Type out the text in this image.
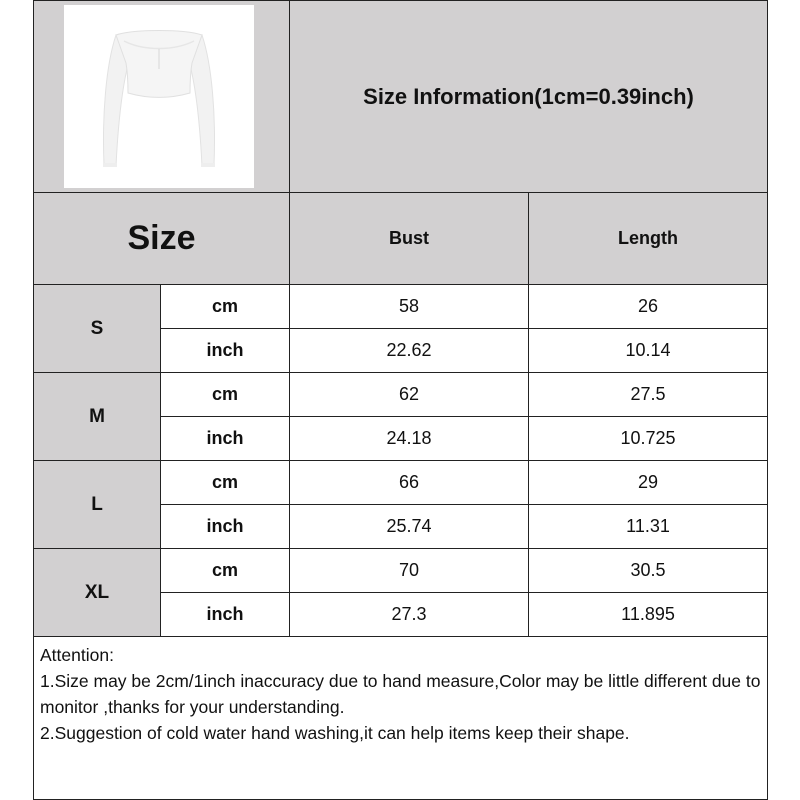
Size Information(1cm=0.39inch)
Size	Bust	Length
S
cm	58	26
inch	22.62	10.14
M
cm	62	27.5
inch	24.18	10.725
L
cm	66	29
inch	25.74	11.31
XL
cm	70	30.5
inch	27.3	11.895
Attention:
1.Size may be 2cm/1inch inaccuracy due to hand measure,Color may be little different due to monitor ,thanks for your understanding.
2.Suggestion of cold water hand washing,it can help items keep their shape.
